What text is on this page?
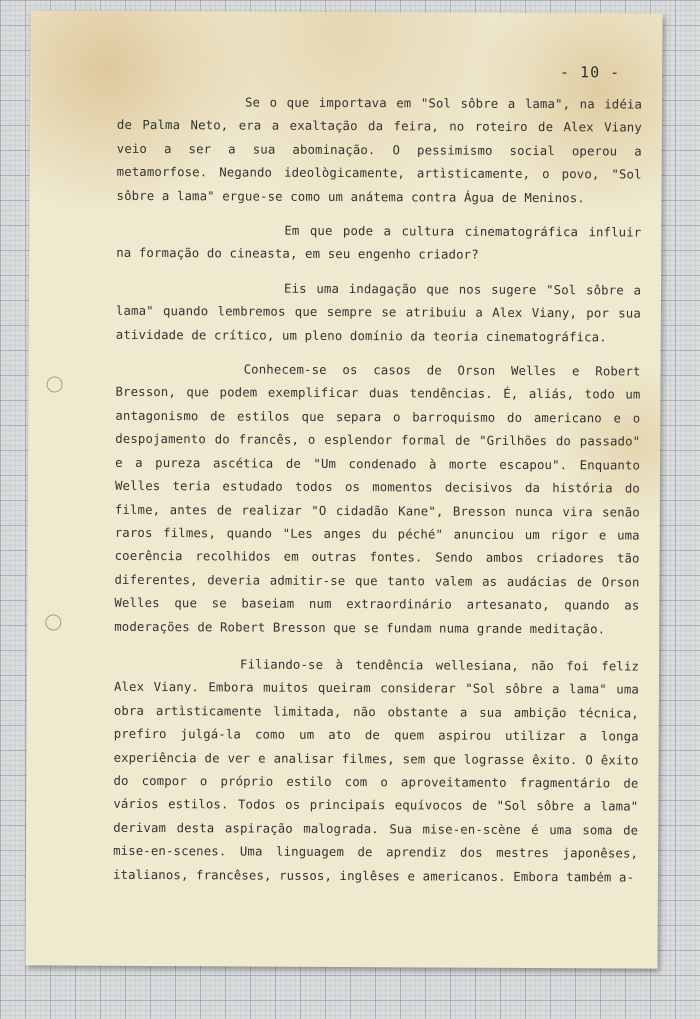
- 10 -

Se o que importava em "Sol sôbre a lama", na idéia de Palma Neto, era a exaltação da feira, no roteiro de Alex Viany veio a ser a sua abominação. O pessimismo social operou a metamorfose. Negando ideològicamente, artìsticamente, o povo, "Sol sôbre a lama" ergue-se como um anátema contra Água de Meninos.

Em que pode a cultura cinematográfica influir na formação do cineasta, em seu engenho criador?

Eis uma indagação que nos sugere "Sol sôbre a lama" quando lembremos que sempre se atribuiu a Alex Viany, por sua atividade de crítico, um pleno domínio da teoria cinematográfica.

Conhecem-se os casos de Orson Welles e Robert Bresson, que podem exemplificar duas tendências. É, aliás, todo um antagonismo de estilos que separa o barroquismo do americano e o despojamento do francês, o esplendor formal de "Grilhões do passado" e a pureza ascética de "Um condenado à morte escapou". Enquanto Welles teria estudado todos os momentos decisivos da história do filme, antes de realizar "O cidadão Kane", Bresson nunca vira senão raros filmes, quando "Les anges du péché" anunciou um rigor e uma coerência recolhidos em outras fontes. Sendo ambos criadores tão diferentes, deveria admitir-se que tanto valem as audácias de Orson Welles que se baseiam num extraordinário artesanato, quando as moderações de Robert Bresson que se fundam numa grande meditação.

Filiando-se à tendência wellesiana, não foi feliz Alex Viany. Embora muitos queiram considerar "Sol sôbre a lama" uma obra artìsticamente limitada, não obstante a sua ambição técnica, prefiro julgá-la como um ato de quem aspirou utilizar a longa experiência de ver e analisar filmes, sem que lograsse êxito. O êxito do compor o próprio estilo com o aproveitamento fragmentário de vários estilos. Todos os principais equívocos de "Sol sôbre a lama" derivam desta aspiração malograda. Sua mise-en-scène é uma soma de mise-en-scenes. Uma linguagem de aprendiz dos mestres japonêses, italianos, francêses, russos, inglêses e americanos. Embora também a-
